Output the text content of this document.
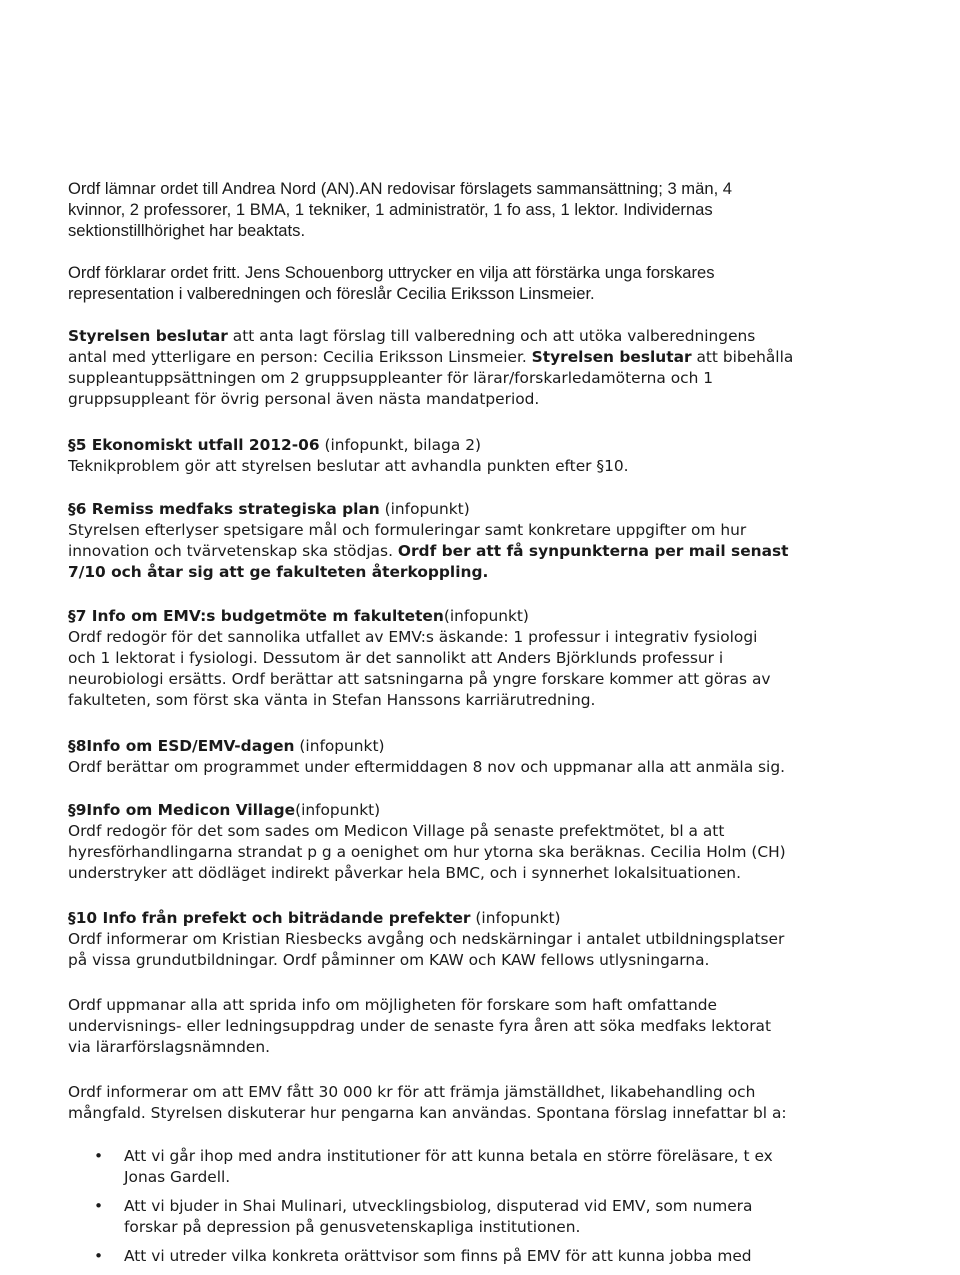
Ordf lämnar ordet till Andrea Nord (AN).AN redovisar förslagets sammansättning; 3 män, 4
kvinnor, 2 professorer, 1 BMA, 1 tekniker, 1 administratör, 1 fo ass, 1 lektor. Individernas
sektionstillhörighet har beaktats.

Ordf förklarar ordet fritt. Jens Schouenborg uttrycker en vilja att förstärka unga forskares
representation i valberedningen och föreslår Cecilia Eriksson Linsmeier.

Styrelsen beslutar att anta lagt förslag till valberedning och att utöka valberedningens
antal med ytterligare en person: Cecilia Eriksson Linsmeier. Styrelsen beslutar att bibehålla
suppleantuppsättningen om 2 gruppsuppleanter för lärar/forskarledamöterna och 1
gruppsuppleant för övrig personal även nästa mandatperiod.

§5 Ekonomiskt utfall 2012-06 (infopunkt, bilaga 2)
Teknikproblem gör att styrelsen beslutar att avhandla punkten efter §10.

§6 Remiss medfaks strategiska plan (infopunkt)
Styrelsen efterlyser spetsigare mål och formuleringar samt konkretare uppgifter om hur
innovation och tvärvetenskap ska stödjas. Ordf ber att få synpunkterna per mail senast
7/10 och åtar sig att ge fakulteten återkoppling.

§7 Info om EMV:s budgetmöte m fakulteten(infopunkt)
Ordf redogör för det sannolika utfallet av EMV:s äskande: 1 professur i integrativ fysiologi
och 1 lektorat i fysiologi. Dessutom är det sannolikt att Anders Björklunds professur i
neurobiologi ersätts. Ordf berättar att satsningarna på yngre forskare kommer att göras av
fakulteten, som först ska vänta in Stefan Hanssons karriärutredning.

§8Info om ESD/EMV-dagen (infopunkt)
Ordf berättar om programmet under eftermiddagen 8 nov och uppmanar alla att anmäla sig.

§9Info om Medicon Village(infopunkt)
Ordf redogör för det som sades om Medicon Village på senaste prefektmötet, bl a att
hyresförhandlingarna strandat p g a oenighet om hur ytorna ska beräknas. Cecilia Holm (CH)
understryker att dödläget indirekt påverkar hela BMC, och i synnerhet lokalsituationen.

§10 Info från prefekt och biträdande prefekter (infopunkt)
Ordf informerar om Kristian Riesbecks avgång och nedskärningar i antalet utbildningsplatser
på vissa grundutbildningar. Ordf påminner om KAW och KAW fellows utlysningarna.

Ordf uppmanar alla att sprida info om möjligheten för forskare som haft omfattande
undervisnings- eller ledningsuppdrag under de senaste fyra åren att söka medfaks lektorat
via lärarförslagsnämnden.

Ordf informerar om att EMV fått 30 000 kr för att främja jämställdhet, likabehandling och
mångfald. Styrelsen diskuterar hur pengarna kan användas. Spontana förslag innefattar bl a:

• Att vi går ihop med andra institutioner för att kunna betala en större föreläsare, t ex
Jonas Gardell.
• Att vi bjuder in Shai Mulinari, utvecklingsbiolog, disputerad vid EMV, som numera
forskar på depression på genusvetenskapliga institutionen.
• Att vi utreder vilka konkreta orättvisor som finns på EMV för att kunna jobba med
